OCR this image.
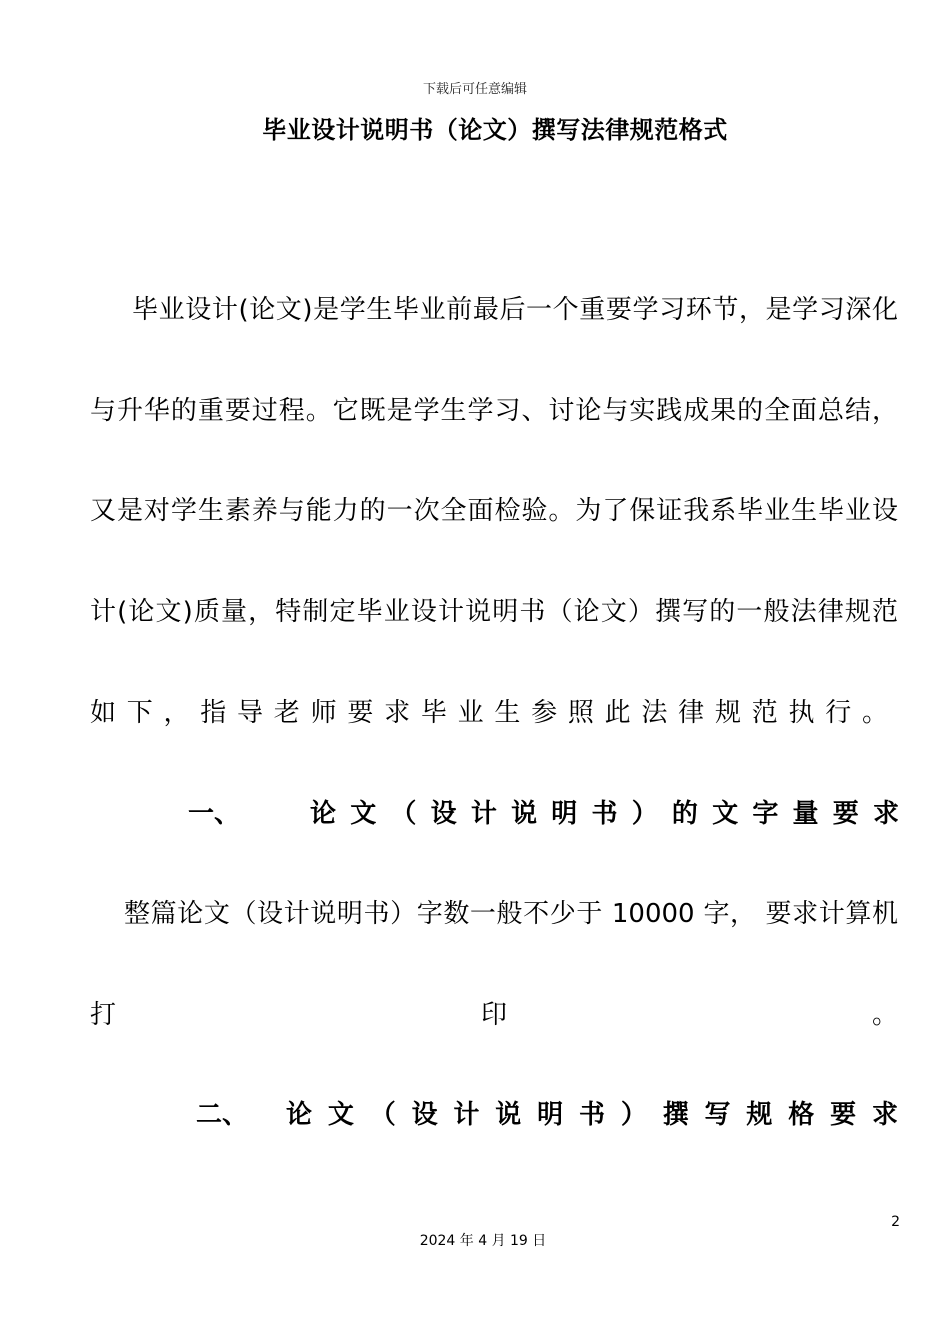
下载后可任意编辑
毕业设计说明书（论文）撰写法律规范格式
毕业设计(论文)是学生毕业前最后一个重要学习环节，是学习深化
与升华的重要过程。它既是学生学习、讨论与实践成果的全面总结，
又是对学生素养与能力的一次全面检验。为了保证我系毕业生毕业设
计(论文)质量，特制定毕业设计说明书（论文）撰写的一般法律规范
如下，指导老师要求毕业生参照此法律规范执行。
一、	论文（设计说明书）的文字量要求
整篇论文（设计说明书）字数一般不少于 10000 字， 要求计算机
打印。
二、	论文（设计说明书）撰写规格要求
2
2024 年 4 月 19 日
